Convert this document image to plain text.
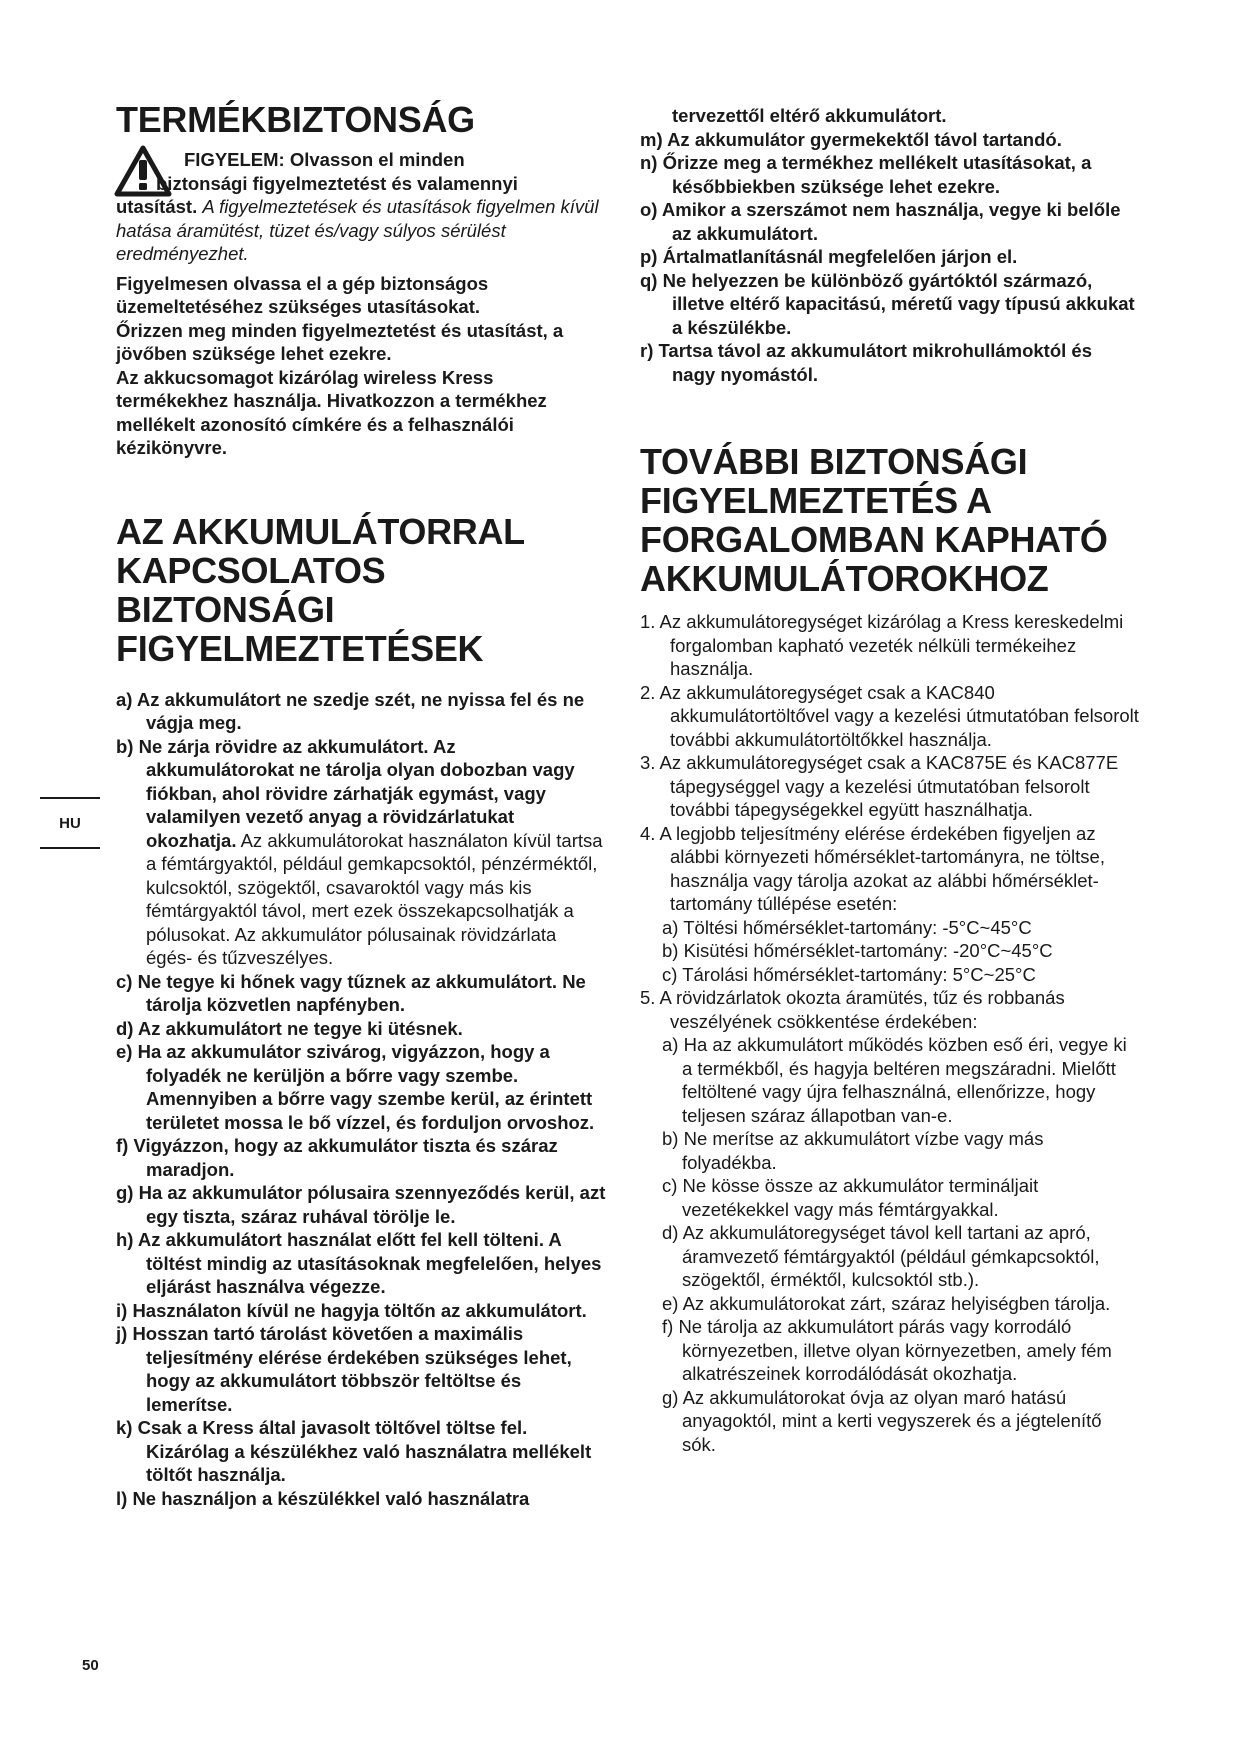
TERMÉKBIZTONSÁG

FIGYELEM: Olvasson el minden

biztonsági figyelmeztetést és valamennyi

utasítást. A figyelmeztetések és utasítások figyelmen kívül hatása áramütést, tüzet és/vagy súlyos sérülést eredményezhet.

Figyelmesen olvassa el a gép biztonságos üzemeltetéséhez szükséges utasításokat.

Őrizzen meg minden figyelmeztetést és utasítást, a jövőben szüksége lehet ezekre.

Az akkucsomagot kizárólag wireless Kress termékekhez használja. Hivatkozzon a termékhez mellékelt azonosító címkére és a felhasználói kézikönyvre.

AZ AKKUMULÁTORRAL KAPCSOLATOS BIZTONSÁGI FIGYELMEZTETÉSEK

a) Az akkumulátort ne szedje szét, ne nyissa fel és ne vágja meg.

b) Ne zárja rövidre az akkumulátort. Az akkumulátorokat ne tárolja olyan dobozban vagy fiókban, ahol rövidre zárhatják egymást, vagy valamilyen vezető anyag a rövidzárlatukat okozhatja. Az akkumulátorokat használaton kívül tartsa a fémtárgyaktól, például gemkapcsoktól, pénzérméktől, kulcsoktól, szögektől, csavaroktól vagy más kis fémtárgyaktól távol, mert ezek összekapcsolhatják a pólusokat. Az akkumulátor pólusainak rövidzárlata égés- és tűzveszélyes.

c) Ne tegye ki hőnek vagy tűznek az akkumulátort. Ne tárolja közvetlen napfényben.

d) Az akkumulátort ne tegye ki ütésnek.

e) Ha az akkumulátor szivárog, vigyázzon, hogy a folyadék ne kerüljön a bőrre vagy szembe. Amennyiben a bőrre vagy szembe kerül, az érintett területet mossa le bő vízzel, és forduljon orvoshoz.

f) Vigyázzon, hogy az akkumulátor tiszta és száraz maradjon.

g) Ha az akkumulátor pólusaira szennyeződés kerül, azt egy tiszta, száraz ruhával törölje le.

h) Az akkumulátort használat előtt fel kell tölteni. A töltést mindig az utasításoknak megfelelően, helyes eljárást használva végezze.

i) Használaton kívül ne hagyja töltőn az akkumulátort.

j) Hosszan tartó tárolást követően a maximális teljesítmény elérése érdekében szükséges lehet, hogy az akkumulátort többször feltöltse és lemerítse.

k) Csak a Kress által javasolt töltővel töltse fel. Kizárólag a készülékhez való használatra mellékelt töltőt használja.

l) Ne használjon a készülékkel való használatra

tervezettől eltérő akkumulátort.

m) Az akkumulátor gyermekektől távol tartandó.

n) Őrizze meg a termékhez mellékelt utasításokat, a későbbiekben szüksége lehet ezekre.

o) Amikor a szerszámot nem használja, vegye ki belőle az akkumulátort.

p) Ártalmatlanításnál megfelelően járjon el.

q) Ne helyezzen be különböző gyártóktól származó, illetve eltérő kapacitású, méretű vagy típusú akkukat a készülékbe.

r) Tartsa távol az akkumulátort mikrohullámoktól és nagy nyomástól.

TOVÁBBI BIZTONSÁGI FIGYELMEZTETÉS A FORGALOMBAN KAPHATÓ AKKUMULÁTOROKHOZ

1. Az akkumulátoregységet kizárólag a Kress kereskedelmi forgalomban kapható vezeték nélküli termékeihez használja.

2. Az akkumulátoregységet csak a KAC840 akkumulátortöltővel vagy a kezelési útmutatóban felsorolt további akkumulátortöltőkkel használja.

3. Az akkumulátoregységet csak a KAC875E és KAC877E tápegységgel vagy a kezelési útmutatóban felsorolt további tápegységekkel együtt használhatja.

4. A legjobb teljesítmény elérése érdekében figyeljen az alábbi környezeti hőmérséklet-tartományra, ne töltse, használja vagy tárolja azokat az alábbi hőmérséklet-tartomány túllépése esetén:

a) Töltési hőmérséklet-tartomány: -5°C~45°C

b) Kisütési hőmérséklet-tartomány: -20°C~45°C

c) Tárolási hőmérséklet-tartomány: 5°C~25°C

5. A rövidzárlatok okozta áramütés, tűz és robbanás veszélyének csökkentése érdekében:

a) Ha az akkumulátort működés közben eső éri, vegye ki a termékből, és hagyja beltéren megszáradni. Mielőtt feltöltené vagy újra felhasználná, ellenőrizze, hogy teljesen száraz állapotban van-e.

b) Ne merítse az akkumulátort vízbe vagy más folyadékba.

c) Ne kösse össze az akkumulátor termináljait vezetékekkel vagy más fémtárgyakkal.

d) Az akkumulátoregységet távol kell tartani az apró, áramvezető fémtárgyaktól (például gémkapcsoktól, szögektől, érméktől, kulcsoktól stb.).

e) Az akkumulátorokat zárt, száraz helyiségben tárolja.

f) Ne tárolja az akkumulátort párás vagy korrodáló környezetben, illetve olyan környezetben, amely fém alkatrészeinek korrodálódását okozhatja.

g) Az akkumulátorokat óvja az olyan maró hatású anyagoktól, mint a kerti vegyszerek és a jégtelenítő sók.

HU
50
